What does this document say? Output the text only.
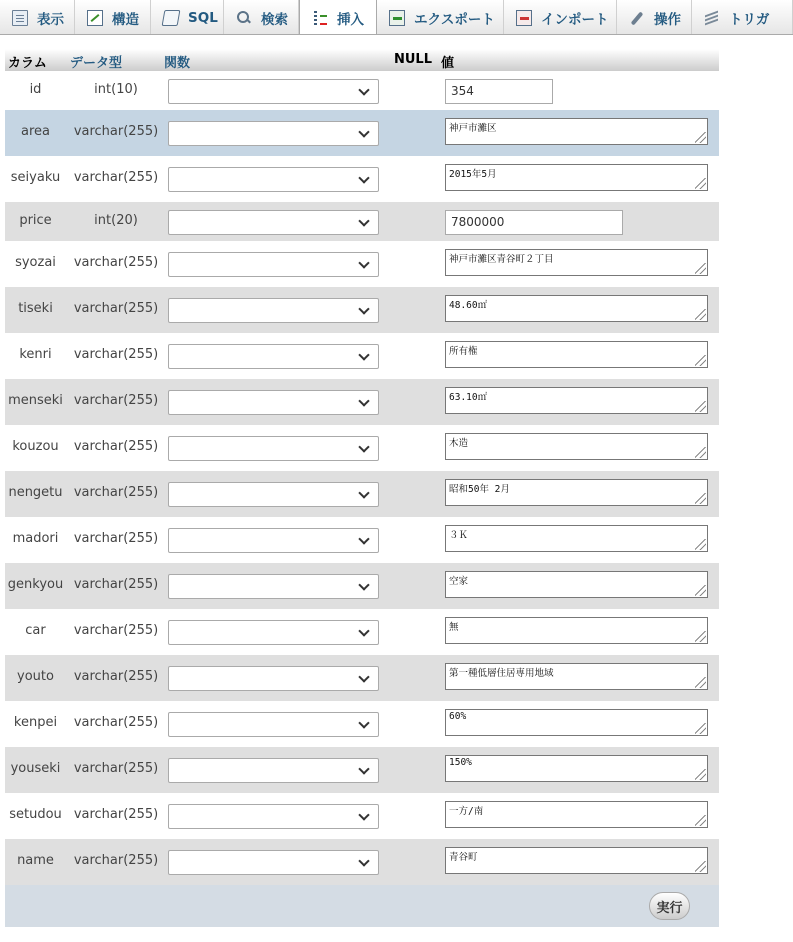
表示	構造	SQL	検索	挿入	エクスポート	インポート	操作	トリガ
カラム データ型	関数	NULL 値
id	int(10)	354
area	varchar(255)	神戸市灘区
seiyaku	varchar(255)	2015年5月
price	int(20)	7800000
syozai	varchar(255)	神戸市灘区青谷町２丁目
tiseki	varchar(255)	48.60㎡
kenri	varchar(255)	所有権
menseki varchar(255)	63.10㎡
kouzou	varchar(255)	木造
nengetu varchar(255)	昭和50年 2月
madori	varchar(255)	３Ｋ
genkyou varchar(255)	空家
car	varchar(255)	無
youto	varchar(255)	第一種低層住居専用地域
kenpei	varchar(255)	60%
youseki	varchar(255)	150%
setudou varchar(255)	一方/南
name	varchar(255)	青谷町
実行
